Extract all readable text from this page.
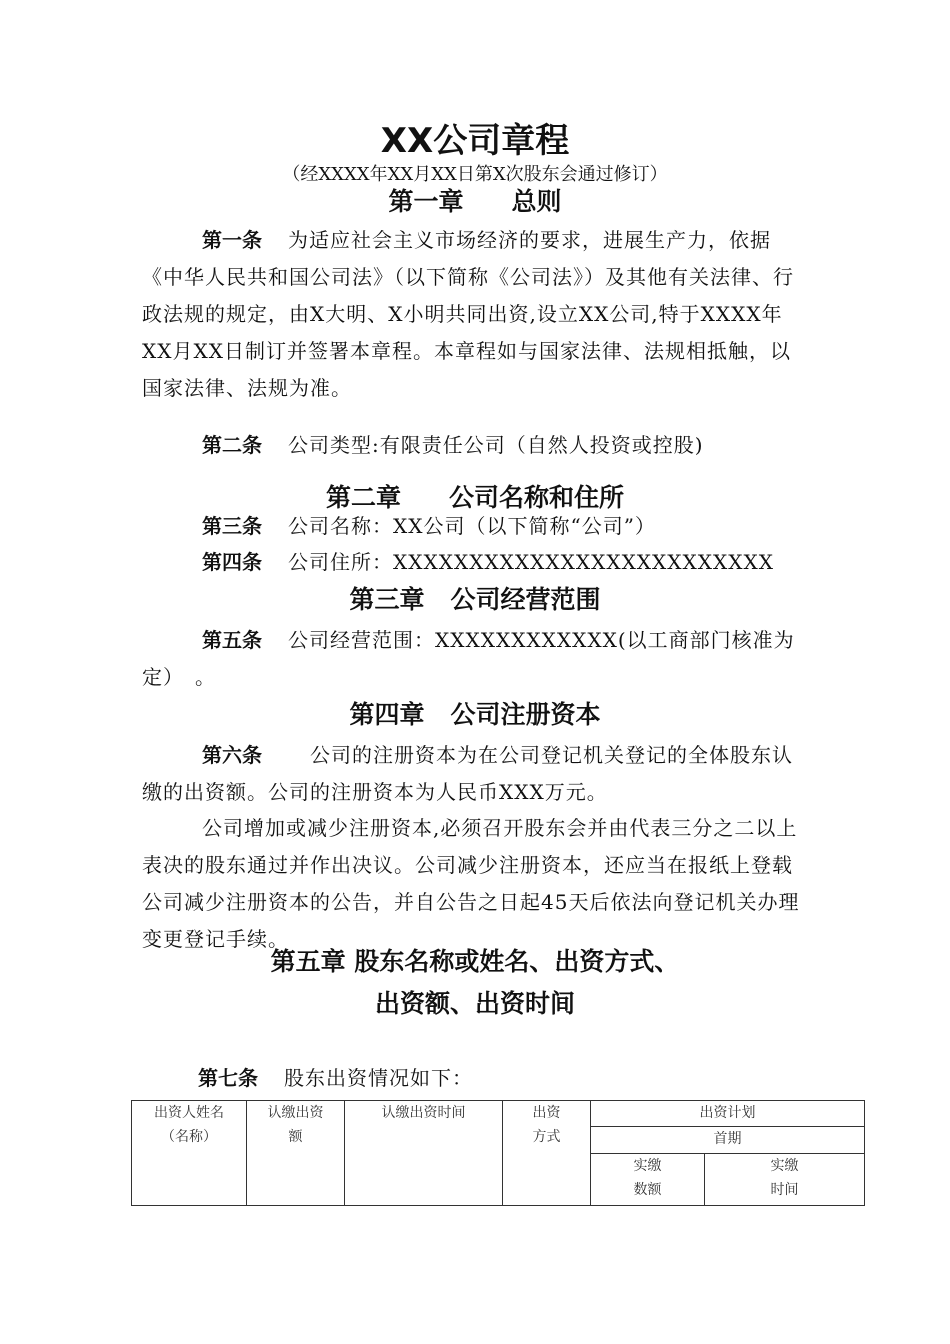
XX公司章程
（经XXXX年XX月XX日第X次股东会通过修订）
第一章 总则

第一条 为适应社会主义市场经济的要求，进展生产力，依据《中华人民共和国公司法》（以下简称《公司法》）及其他有关法律、行政法规的规定，由X大明、X小明共同出资,设立XX公司,特于XXXX年XX月XX日制订并签署本章程。本章程如与国家法律、法规相抵触，以国家法律、法规为准。

第二条 公司类型:有限责任公司（自然人投资或控股)
第二章 公司名称和住所
第三条 公司名称：XX公司（以下简称“公司”）
第四条 公司住所：XXXXXXXXXXXXXXXXXXXXXXXXX
第三章 公司经营范围

第五条 公司经营范围：XXXXXXXXXXXX(以工商部门核准为定）　。

第四章 公司注册资本

第六条 公司的注册资本为在公司登记机关登记的全体股东认缴的出资额。公司的注册资本为人民币XXX万元。

公司增加或减少注册资本,必须召开股东会并由代表三分之二以上表决的股东通过并作出决议。公司减少注册资本，还应当在报纸上登载公司减少注册资本的公告，并自公告之日起45天后依法向登记机关办理变更登记手续。

第五章 股东名称或姓名、出资方式、
出资额、出资时间
第七条 股东出资情况如下：
出资人姓名（名称）	认缴出资额	认缴出资时间	出资方式	出资计划	
				首期	

				实缴数额	实缴时间
